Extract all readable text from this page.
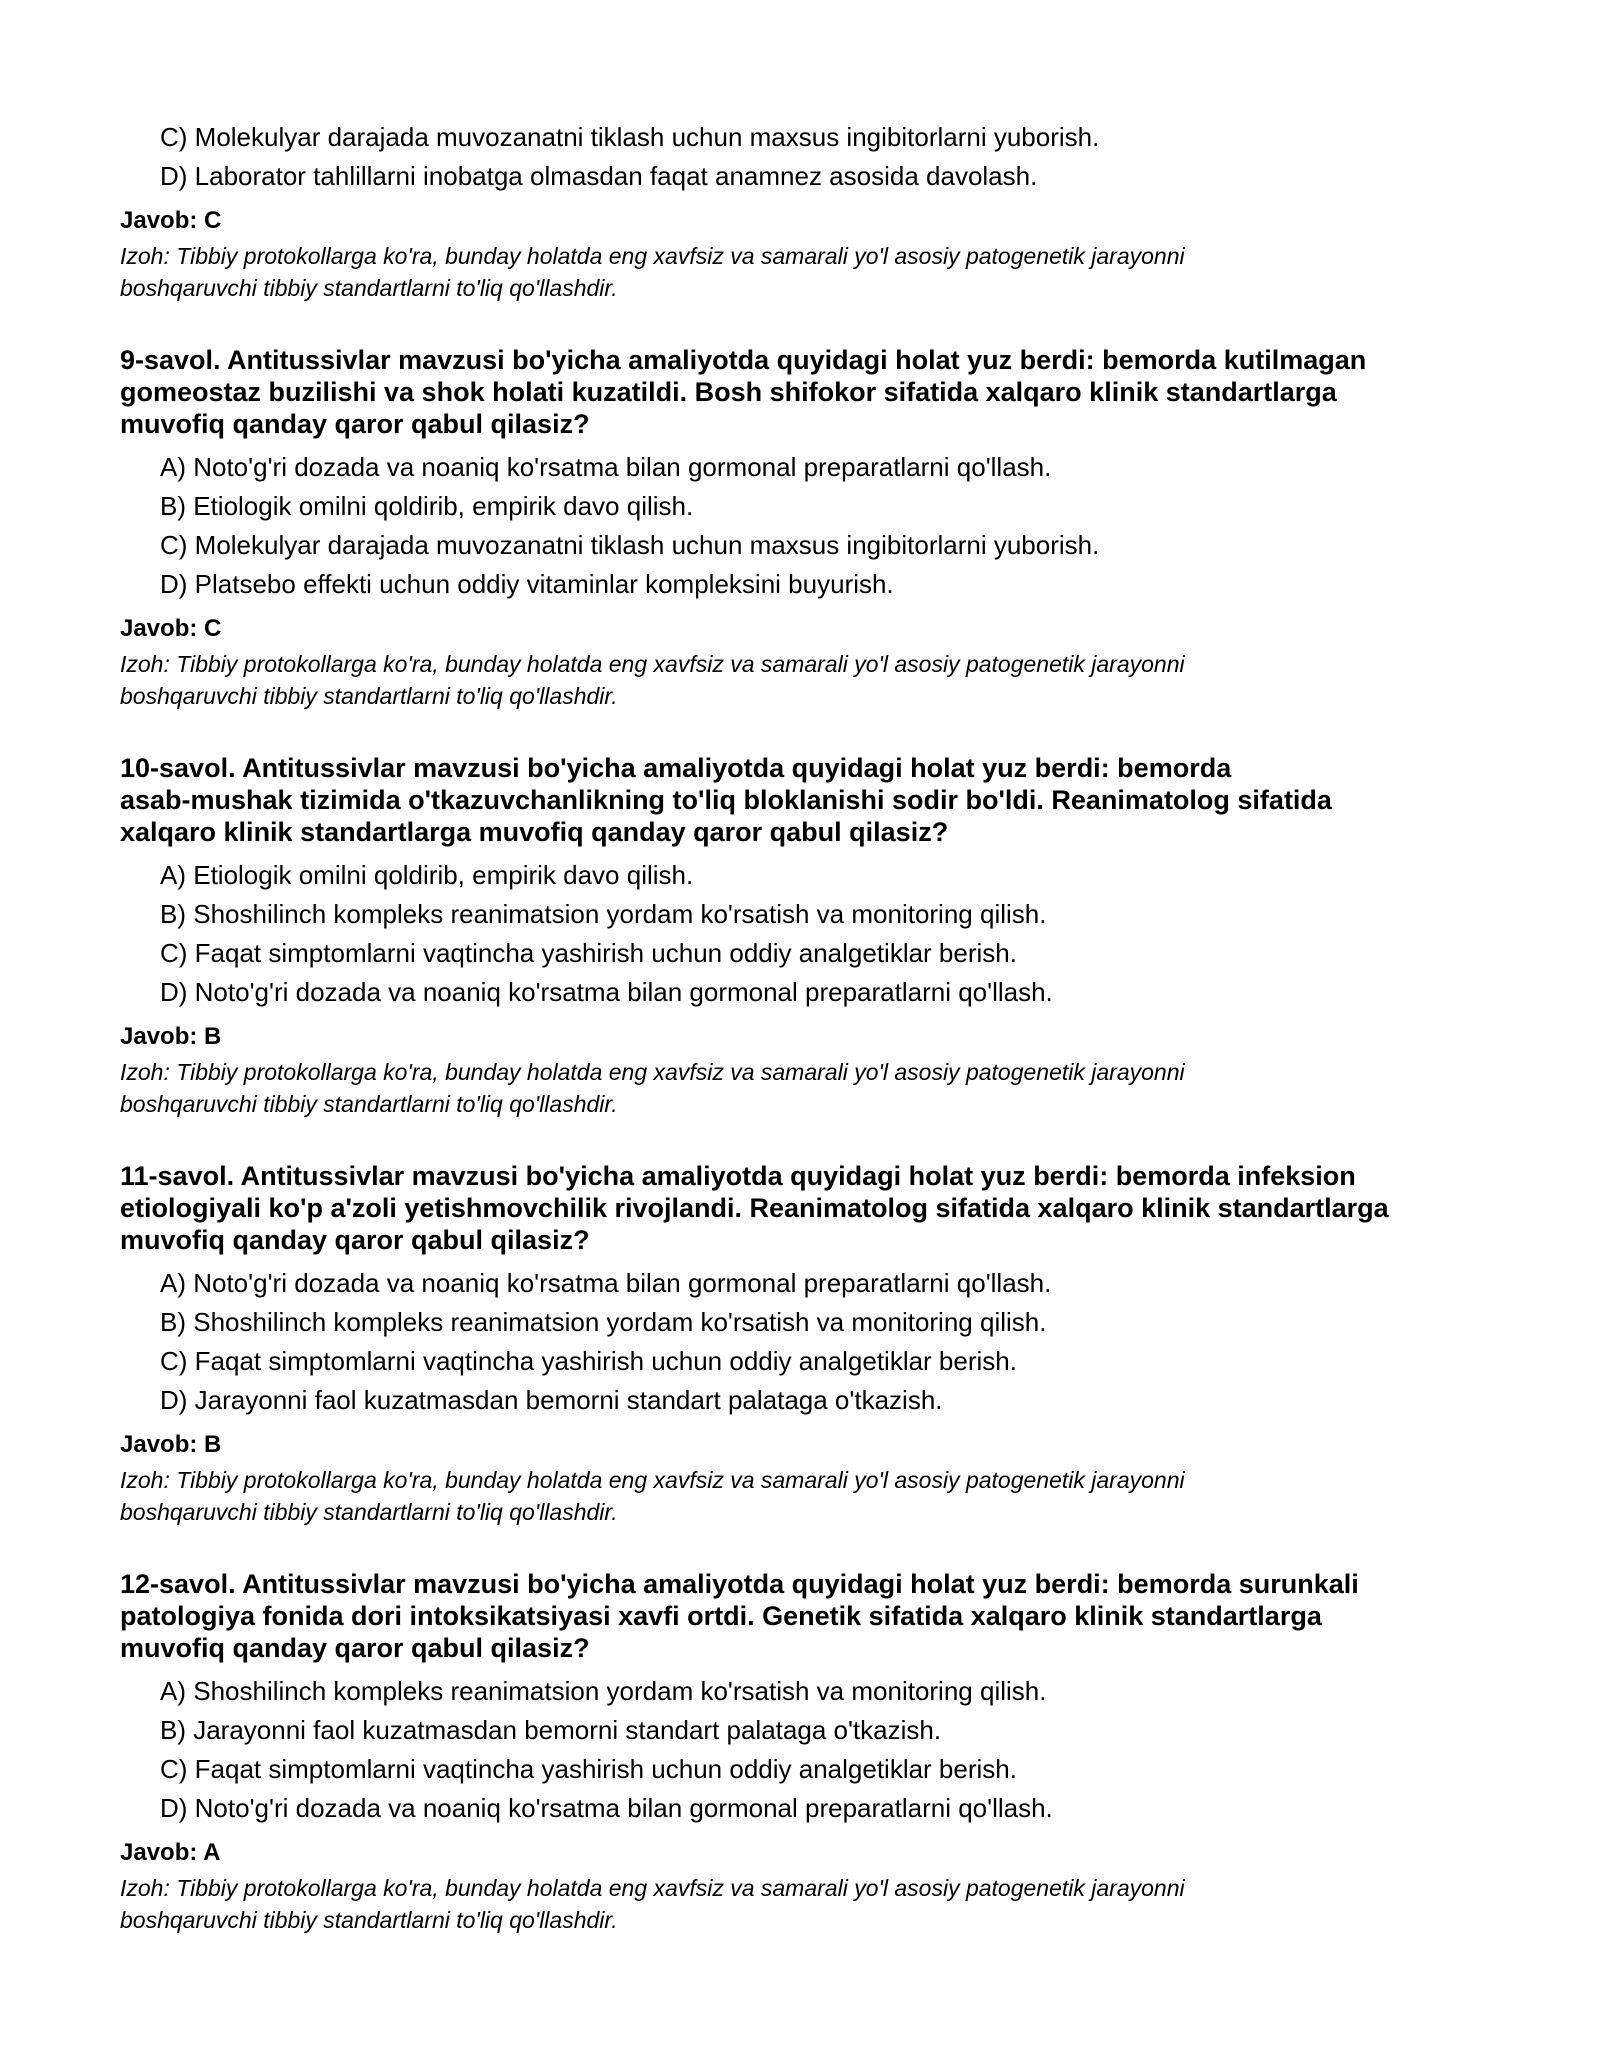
C) Molekulyar darajada muvozanatni tiklash uchun maxsus ingibitorlarni yuborish.
D) Laborator tahlillarni inobatga olmasdan faqat anamnez asosida davolash.
Javob: C
Izoh: Tibbiy protokollarga ko'ra, bunday holatda eng xavfsiz va samarali yo'l asosiy patogenetik jarayonni
boshqaruvchi tibbiy standartlarni to'liq qo'llashdir.
9-savol. Antitussivlar mavzusi bo'yicha amaliyotda quyidagi holat yuz berdi: bemorda kutilmagan
gomeostaz buzilishi va shok holati kuzatildi. Bosh shifokor sifatida xalqaro klinik standartlarga
muvofiq qanday qaror qabul qilasiz?
A) Noto'g'ri dozada va noaniq ko'rsatma bilan gormonal preparatlarni qo'llash.
B) Etiologik omilni qoldirib, empirik davo qilish.
C) Molekulyar darajada muvozanatni tiklash uchun maxsus ingibitorlarni yuborish.
D) Platsebo effekti uchun oddiy vitaminlar kompleksini buyurish.
Javob: C
Izoh: Tibbiy protokollarga ko'ra, bunday holatda eng xavfsiz va samarali yo'l asosiy patogenetik jarayonni
boshqaruvchi tibbiy standartlarni to'liq qo'llashdir.
10-savol. Antitussivlar mavzusi bo'yicha amaliyotda quyidagi holat yuz berdi: bemorda
asab-mushak tizimida o'tkazuvchanlikning to'liq bloklanishi sodir bo'ldi. Reanimatolog sifatida
xalqaro klinik standartlarga muvofiq qanday qaror qabul qilasiz?
A) Etiologik omilni qoldirib, empirik davo qilish.
B) Shoshilinch kompleks reanimatsion yordam ko'rsatish va monitoring qilish.
C) Faqat simptomlarni vaqtincha yashirish uchun oddiy analgetiklar berish.
D) Noto'g'ri dozada va noaniq ko'rsatma bilan gormonal preparatlarni qo'llash.
Javob: B
Izoh: Tibbiy protokollarga ko'ra, bunday holatda eng xavfsiz va samarali yo'l asosiy patogenetik jarayonni
boshqaruvchi tibbiy standartlarni to'liq qo'llashdir.
11-savol. Antitussivlar mavzusi bo'yicha amaliyotda quyidagi holat yuz berdi: bemorda infeksion
etiologiyali ko'p a'zoli yetishmovchilik rivojlandi. Reanimatolog sifatida xalqaro klinik standartlarga
muvofiq qanday qaror qabul qilasiz?
A) Noto'g'ri dozada va noaniq ko'rsatma bilan gormonal preparatlarni qo'llash.
B) Shoshilinch kompleks reanimatsion yordam ko'rsatish va monitoring qilish.
C) Faqat simptomlarni vaqtincha yashirish uchun oddiy analgetiklar berish.
D) Jarayonni faol kuzatmasdan bemorni standart palataga o'tkazish.
Javob: B
Izoh: Tibbiy protokollarga ko'ra, bunday holatda eng xavfsiz va samarali yo'l asosiy patogenetik jarayonni
boshqaruvchi tibbiy standartlarni to'liq qo'llashdir.
12-savol. Antitussivlar mavzusi bo'yicha amaliyotda quyidagi holat yuz berdi: bemorda surunkali
patologiya fonida dori intoksikatsiyasi xavfi ortdi. Genetik sifatida xalqaro klinik standartlarga
muvofiq qanday qaror qabul qilasiz?
A) Shoshilinch kompleks reanimatsion yordam ko'rsatish va monitoring qilish.
B) Jarayonni faol kuzatmasdan bemorni standart palataga o'tkazish.
C) Faqat simptomlarni vaqtincha yashirish uchun oddiy analgetiklar berish.
D) Noto'g'ri dozada va noaniq ko'rsatma bilan gormonal preparatlarni qo'llash.
Javob: A
Izoh: Tibbiy protokollarga ko'ra, bunday holatda eng xavfsiz va samarali yo'l asosiy patogenetik jarayonni
boshqaruvchi tibbiy standartlarni to'liq qo'llashdir.
